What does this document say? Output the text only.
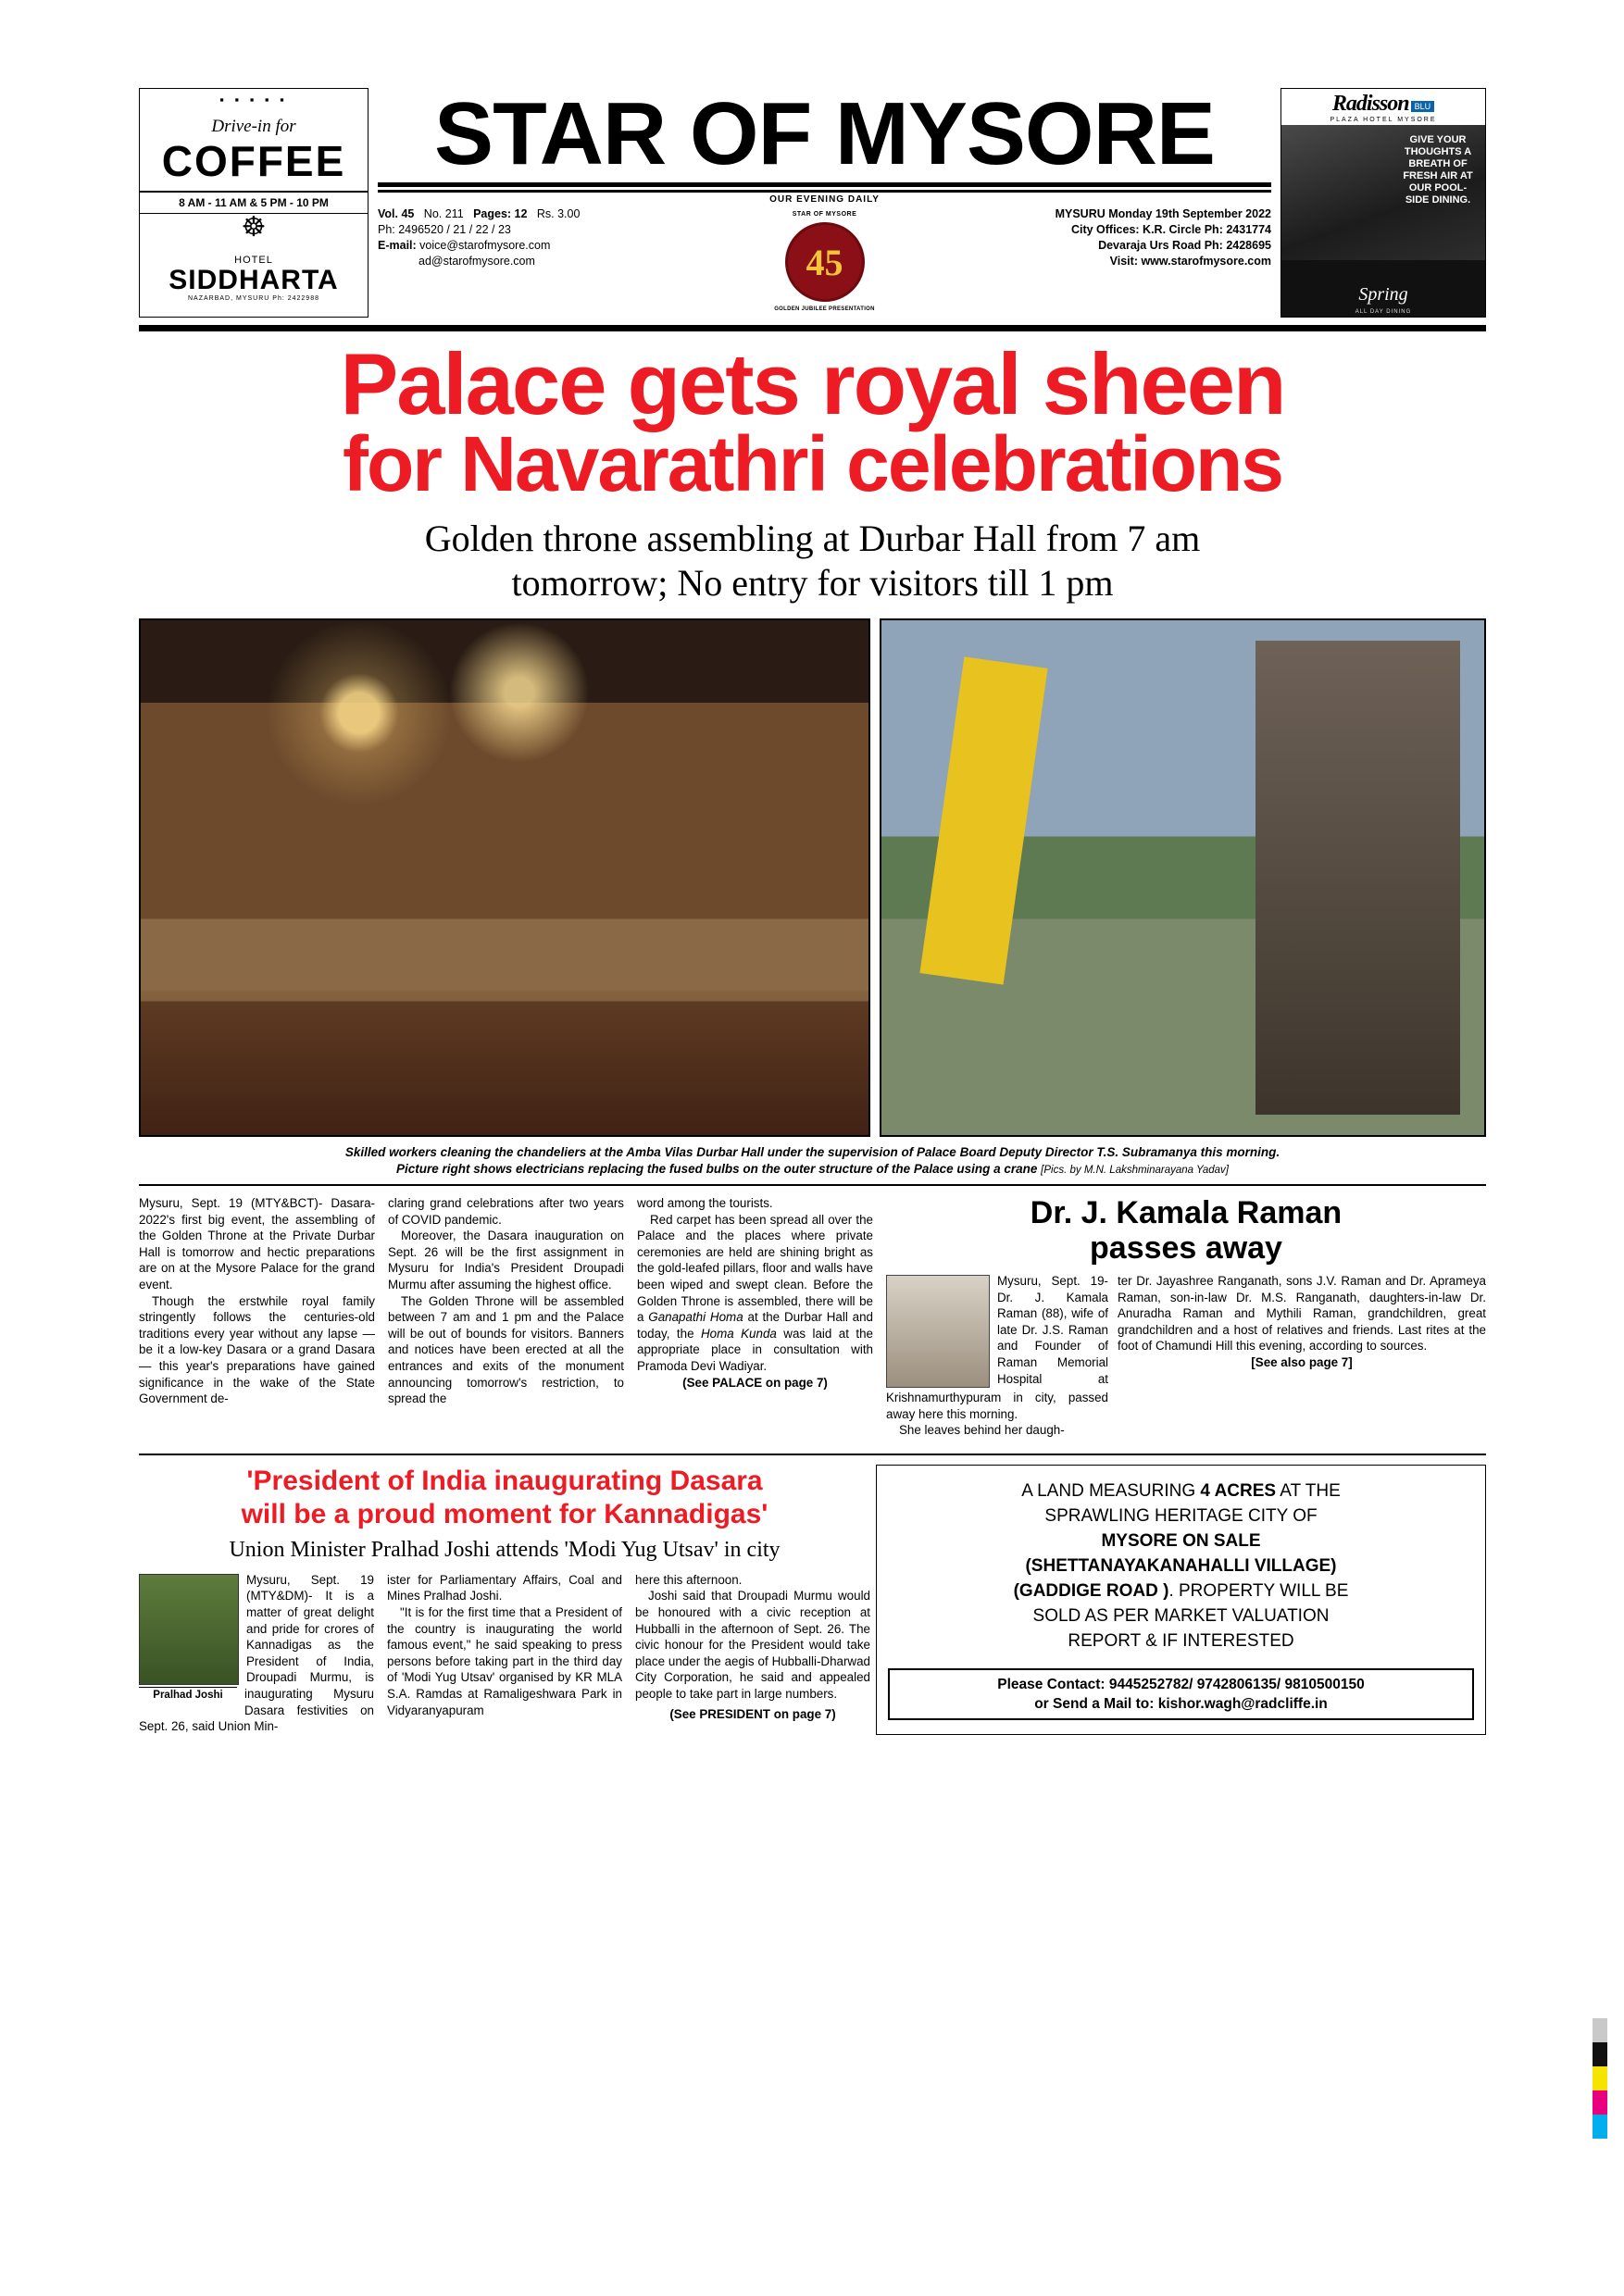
▪ ▪ ▪ ▪ ▪
Drive-in for
COFFEE
8 AM - 11 AM & 5 PM - 10 PM
☸
HOTEL
SIDDHARTA
NAZARBAD, MYSURU Ph: 2422988
STAR OF MYSORE
OUR EVENING DAILY
Vol. 45 No. 211 Pages: 12 Rs. 3.00
Ph: 2496520 / 21 / 22 / 23
E-mail: voice@starofmysore.com
ad@starofmysore.com
STAR OF MYSORE
45
GOLDEN JUBILEE PRESENTATION
MYSURU Monday 19th September 2022
City Offices: K.R. Circle Ph: 2431774
Devaraja Urs Road Ph: 2428695
Visit: www.starofmysore.com
Radisson BLU
PLAZA HOTEL MYSORE
GIVE YOUR THOUGHTS A BREATH OF FRESH AIR AT OUR POOL-SIDE DINING.
Spring
ALL DAY DINING
Palace gets royal sheen
for Navarathri celebrations
Golden throne assembling at Durbar Hall from 7 am
tomorrow; No entry for visitors till 1 pm
Skilled workers cleaning the chandeliers at the Amba Vilas Durbar Hall under the supervision of Palace Board Deputy Director T.S. Subramanya this morning.
Picture right shows electricians replacing the fused bulbs on the outer structure of the Palace using a crane [Pics. by M.N. Lakshminarayana Yadav]

Mysuru, Sept. 19 (MTY&BCT)- Dasara-2022's first big event, the assembling of the Golden Throne at the Private Durbar Hall is tomorrow and hectic preparations are on at the Mysore Palace for the grand event.

Though the erstwhile royal family stringently follows the centuries-old traditions every year without any lapse — be it a low-key Dasara or a grand Dasara — this year's preparations have gained significance in the wake of the State Government de-

claring grand celebrations after two years of COVID pandemic.

Moreover, the Dasara inauguration on Sept. 26 will be the first assignment in Mysuru for India's President Droupadi Murmu after assuming the highest office.

The Golden Throne will be assembled between 7 am and 1 pm and the Palace will be out of bounds for visitors. Banners and notices have been erected at all the entrances and exits of the monument announcing tomorrow's restriction, to spread the

word among the tourists.

Red carpet has been spread all over the Palace and the places where private ceremonies are held are shining bright as the gold-leafed pillars, floor and walls have been wiped and swept clean. Before the Golden Throne is assembled, there will be a Ganapathi Homa at the Durbar Hall and today, the Homa Kunda was laid at the appropriate place in consultation with Pramoda Devi Wadiyar.

(See PALACE on page 7)

Dr. J. Kamala Raman
passes away
Mysuru, Sept. 19- Dr. J. Kamala Raman (88), wife of late Dr. J.S. Raman and Founder of Raman Memorial Hospital at Krishnamurthypuram in city, passed away here this morning.

She leaves behind her daugh-

ter Dr. Jayashree Ranganath, sons J.V. Raman and Dr. Aprameya Raman, son-in-law Dr. M.S. Ranganath, daughters-in-law Dr. Anuradha Raman and Mythili Raman, grandchildren, great grandchildren and a host of relatives and friends. Last rites at the foot of Chamundi Hill this evening, according to sources.

[See also page 7]

'President of India inaugurating Dasara
will be a proud moment for Kannadigas'
Union Minister Pralhad Joshi attends 'Modi Yug Utsav' in city
Pralhad Joshi
Mysuru, Sept. 19 (MTY&DM)- It is a matter of great delight and pride for crores of Kannadigas as the President of India, Droupadi Murmu, is inaugurating Mysuru Dasara festivities on Sept. 26, said Union Min-

ister for Parliamentary Affairs, Coal and Mines Pralhad Joshi.

"It is for the first time that a President of the country is inaugurating the world famous event," he said speaking to press persons before taking part in the third day of 'Modi Yug Utsav' organised by KR MLA S.A. Ramdas at Ramaligeshwara Park in Vidyaranyapuram

here this afternoon.

Joshi said that Droupadi Murmu would be honoured with a civic reception at Hubballi in the afternoon of Sept. 26. The civic honour for the President would take place under the aegis of Hubballi-Dharwad City Corporation, he said and appealed people to take part in large numbers.

(See PRESIDENT on page 7)

A LAND MEASURING 4 ACRES AT THE
SPRAWLING HERITAGE CITY OF
MYSORE ON SALE
(SHETTANAYAKANAHALLI VILLAGE)
(GADDIGE ROAD ). PROPERTY WILL BE
SOLD AS PER MARKET VALUATION
REPORT & IF INTERESTED
Please Contact: 9445252782/ 9742806135/ 9810500150
or Send a Mail to: kishor.wagh@radcliffe.in
